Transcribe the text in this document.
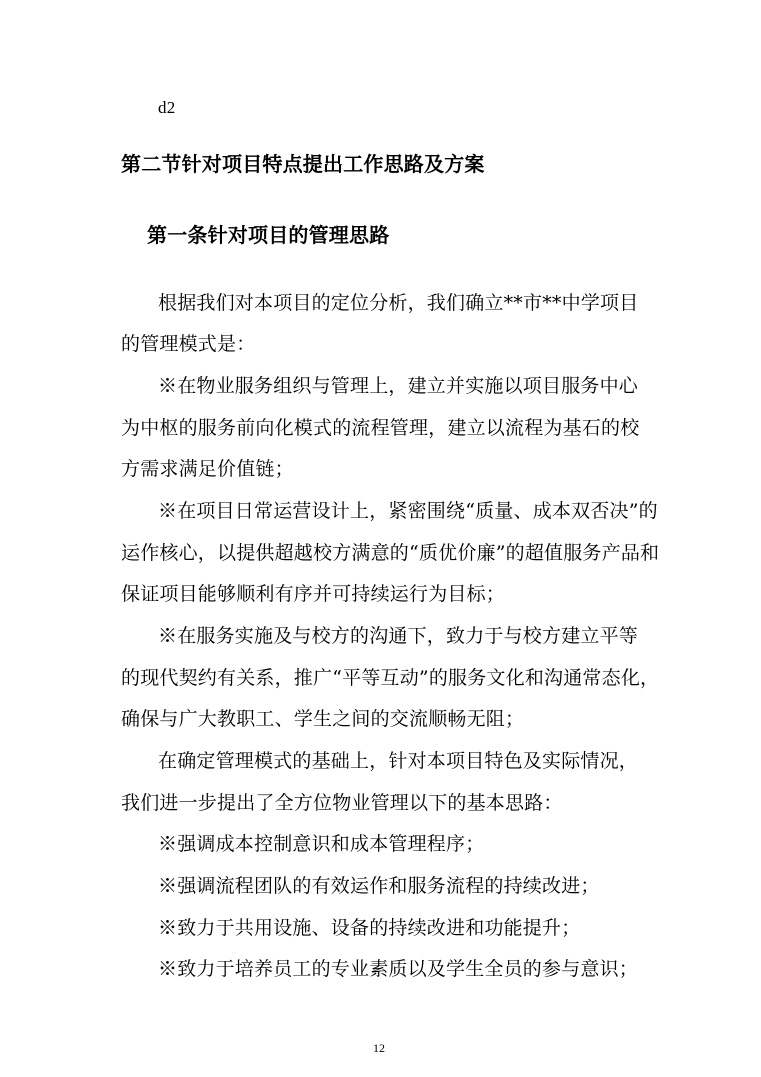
d2
第二节针对项目特点提出工作思路及方案
第一条针对项目的管理思路
根据我们对本项目的定位分析，我们确立**市**中学项目
的管理模式是：
※在物业服务组织与管理上，建立并实施以项目服务中心
为中枢的服务前向化模式的流程管理，建立以流程为基石的校
方需求满足价值链；
※在项目日常运营设计上，紧密围绕“质量、成本双否决”的
运作核心，以提供超越校方满意的“质优价廉”的超值服务产品和
保证项目能够顺利有序并可持续运行为目标；
※在服务实施及与校方的沟通下，致力于与校方建立平等
的现代契约有关系，推广“平等互动”的服务文化和沟通常态化，
确保与广大教职工、学生之间的交流顺畅无阻；
在确定管理模式的基础上，针对本项目特色及实际情况，
我们进一步提出了全方位物业管理以下的基本思路：
※强调成本控制意识和成本管理程序；
※强调流程团队的有效运作和服务流程的持续改进；
※致力于共用设施、设备的持续改进和功能提升；
※致力于培养员工的专业素质以及学生全员的参与意识；
12
